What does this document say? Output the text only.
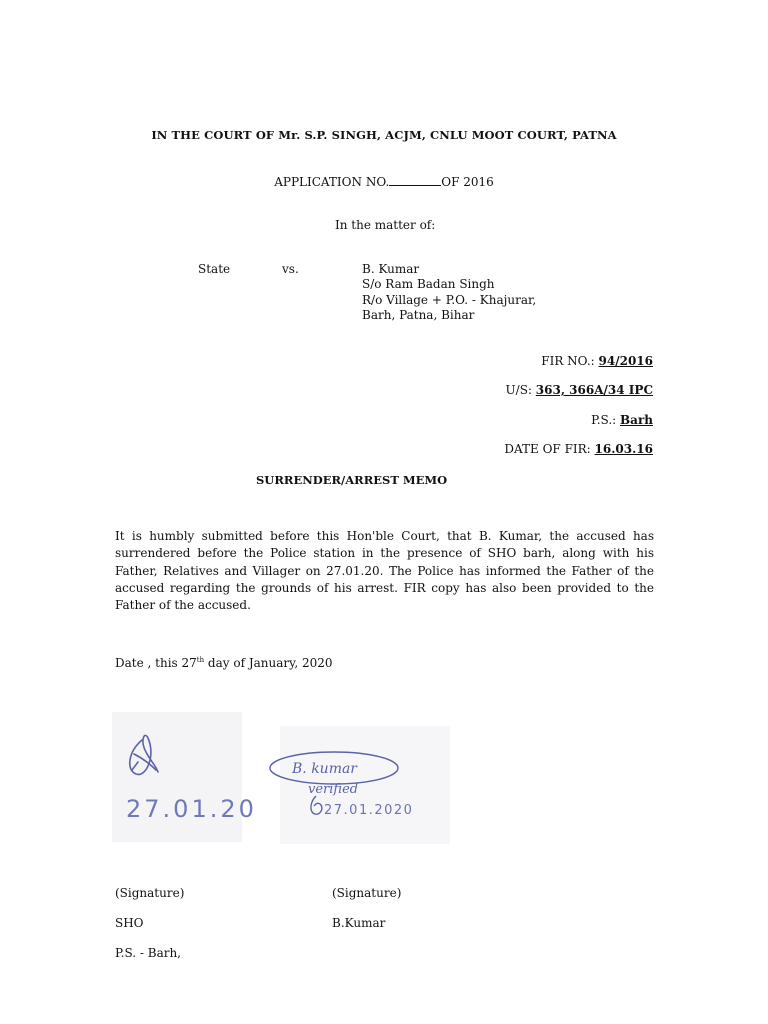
IN THE COURT OF Mr. S.P. SINGH, ACJM, CNLU MOOT COURT, PATNA
APPLICATION NO.	OF 2016
In the matter of:
State	vs.	B. Kumar
S/o Ram Badan Singh
R/o Village + P.O. - Khajurar,
Barh, Patna, Bihar
FIR NO.: 94/2016
U/S: 363, 366A/34 IPC
P.S.: Barh
DATE OF FIR: 16.03.16
SURRENDER/ARREST MEMO
It is humbly submitted before this Hon'ble Court, that B. Kumar, the accused has surrendered before the Police station in the presence of SHO barh, along with his Father, Relatives and Villager on 27.01.20. The Police has informed the Father of the accused regarding the grounds of his arrest. FIR copy has also been provided to the Father of the accused.
Date , this 27th day of January, 2020
27.01.20
B. kumar
verified
27.01.2020
(Signature)	(Signature)
SHO	B.Kumar
P.S. - Barh,
